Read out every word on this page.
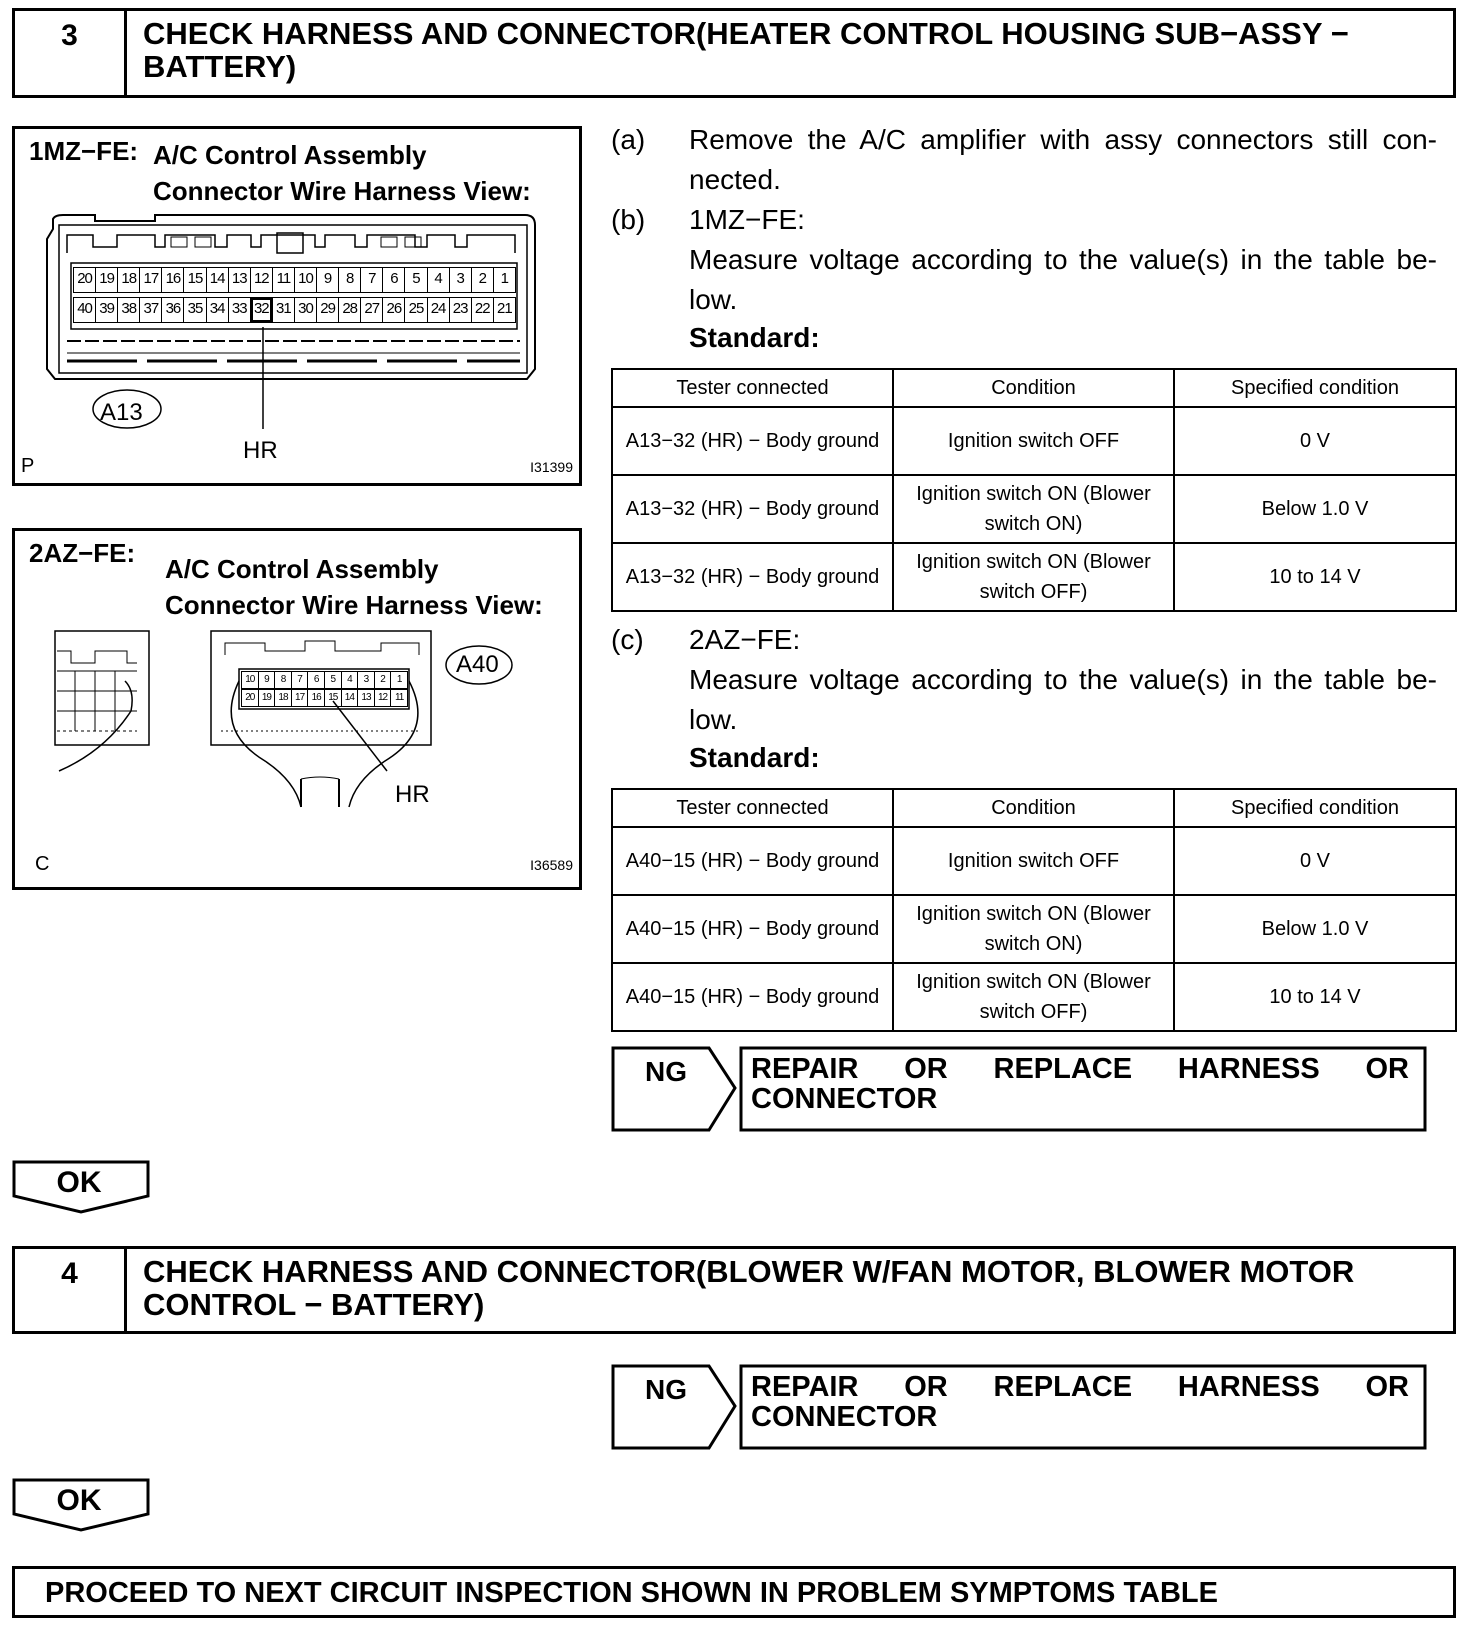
3	CHECK HARNESS AND CONNECTOR(HEATER CONTROL HOUSING SUB−ASSY − BATTERY)
1MZ−FE: A/C Control Assembly
Connector Wire Harness View:
20 19 18 17 16 15 14 13 12 11 10 9 8 7 6 5 4 3 2 1
40 39 38 37 36 35 34 33 32 31 30 29 28 27 26 25 24 23 22 21
A13
HR
P	I31399
2AZ−FE:
A/C Control Assembly
Connector Wire Harness View:
10 9	8	7	6	5	4	3	2	1
20 19 18 17 16 15 14 13 12 11
A40
HR
C	I36589
(a)	Remove the A/C amplifier with assy connectors still connected.
(b)	1MZ−FE:
Measure voltage according to the value(s) in the table below.
Standard:
Tester connected	Condition	Specified condition
A13−32 (HR) − Body ground	Ignition switch OFF	0 V
A13−32 (HR) − Body ground	Ignition switch ON (Blower switch ON)	Below 1.0 V
A13−32 (HR) − Body ground	Ignition switch ON (Blower switch OFF)	10 to 14 V
(c)	2AZ−FE:
Measure voltage according to the value(s) in the table below.
Standard:
Tester connected	Condition	Specified condition
A40−15 (HR) − Body ground	Ignition switch OFF	0 V
A40−15 (HR) − Body ground	Ignition switch ON (Blower switch ON)	Below 1.0 V
A40−15 (HR) − Body ground	Ignition switch ON (Blower switch OFF)	10 to 14 V
NG REPAIR OR REPLACE HARNESS OR
CONNECTOR
OK
4	CHECK HARNESS AND CONNECTOR(BLOWER W/FAN MOTOR, BLOWER MOTOR CONTROL − BATTERY)
NG REPAIR OR REPLACE HARNESS OR
CONNECTOR
OK
PROCEED TO NEXT CIRCUIT INSPECTION SHOWN IN PROBLEM SYMPTOMS TABLE
